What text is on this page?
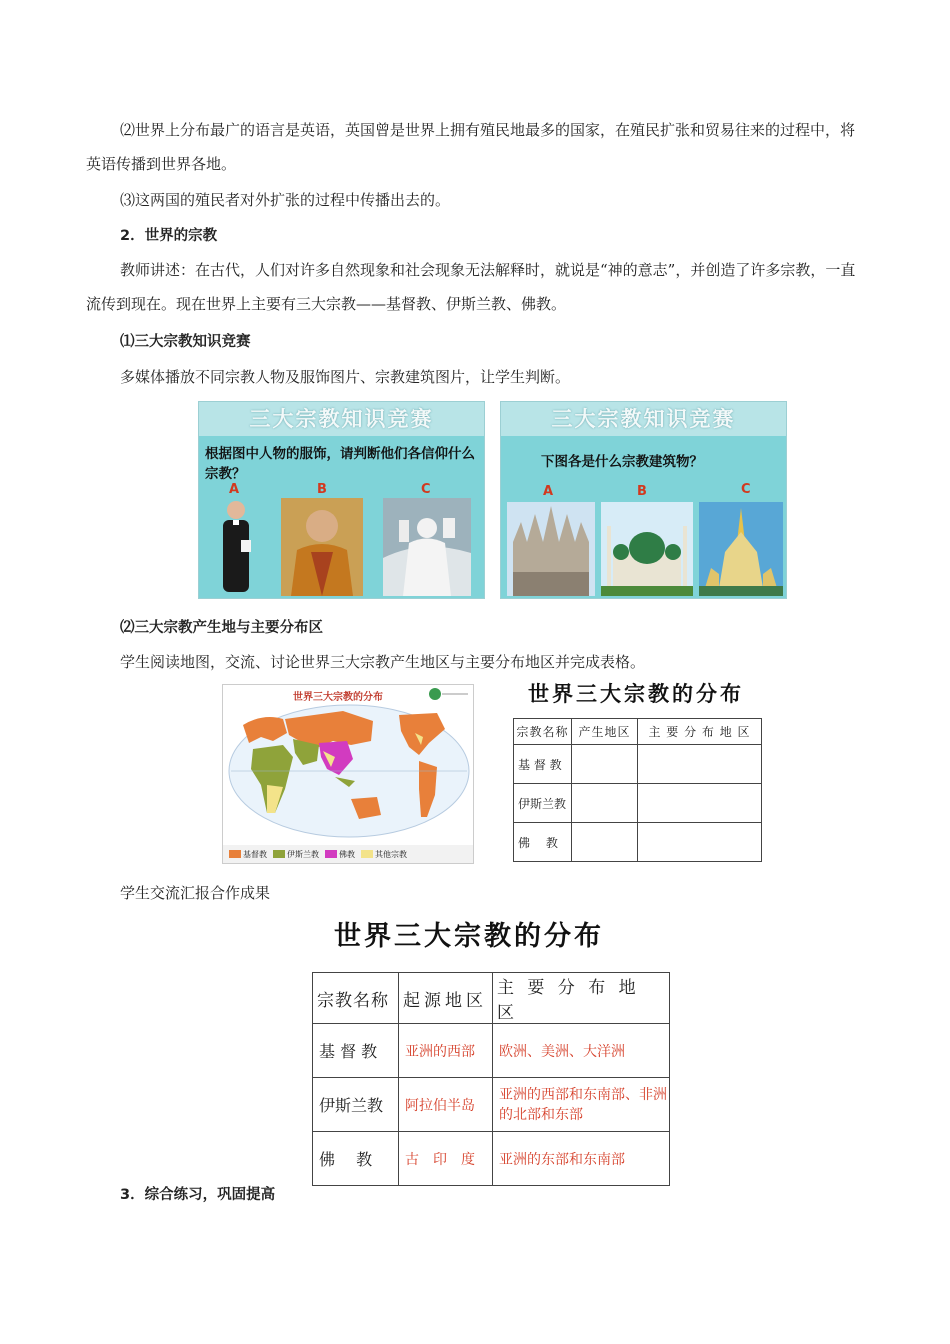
⑵世界上分布最广的语言是英语，英国曾是世界上拥有殖民地最多的国家，在殖民扩张和贸易往来的过程中，将英语传播到世界各地。

⑶这两国的殖民者对外扩张的过程中传播出去的。

2．世界的宗教

教师讲述：在古代，人们对许多自然现象和社会现象无法解释时，就说是“神的意志”，并创造了许多宗教，一直流传到现在。现在世界上主要有三大宗教——基督教、伊斯兰教、佛教。

⑴三大宗教知识竞赛

多媒体播放不同宗教人物及服饰图片、宗教建筑图片，让学生判断。

三大宗教知识竞赛
根据图中人物的服饰，请判断他们各信仰什么宗教？
A	B	C
三大宗教知识竞赛
下图各是什么宗教建筑物？
A	B	C

⑵三大宗教产生地与主要分布区

学生阅读地图，交流、讨论世界三大宗教产生地区与主要分布地区并完成表格。

世界三大宗教的分布
基督教	伊斯兰教	佛教	其他宗教
世界三大宗教的分布
宗教名称	产生地区	主 要 分 布 地 区
基 督 教		
伊斯兰教		
佛　 教		

学生交流汇报合作成果

世界三大宗教的分布
宗教名称	起源地区	主 要 分 布 地 区
基 督 教	亚洲的西部	欧洲、美洲、大洋洲
伊斯兰教	阿拉伯半岛	亚洲的西部和东南部、非洲的北部和东部
佛　 教	古　印　度	亚洲的东部和东南部

3．综合练习，巩固提高
